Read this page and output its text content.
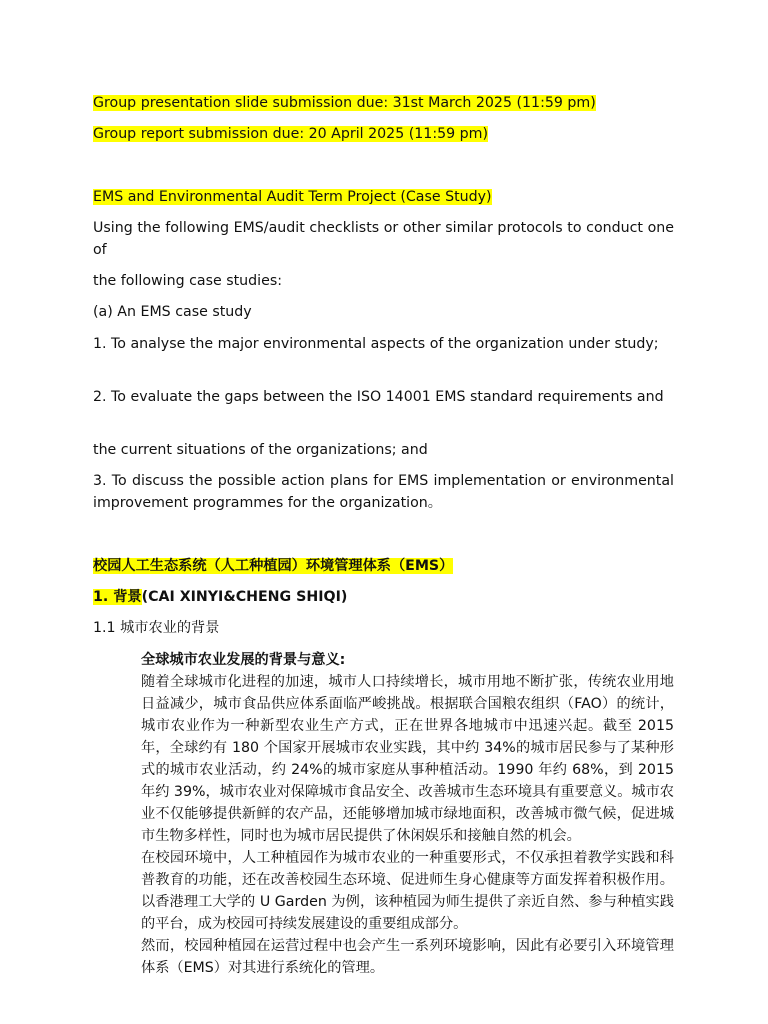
Group presentation slide submission due: 31st March 2025 (11:59 pm)

Group report submission due: 20 April 2025 (11:59 pm)

EMS and Environmental Audit Term Project (Case Study)

Using the following EMS/audit checklists or other similar protocols to conduct one of

the following case studies:

(a) An EMS case study

1. To analyse the major environmental aspects of the organization under study;

2. To evaluate the gaps between the ISO 14001 EMS standard requirements and

the current situations of the organizations; and

3. To discuss the possible action plans for EMS implementation or environmental improvement programmes for the organization。

校园人工生态系统（人工种植园）环境管理体系（EMS）

1. 背景(CAI XINYI&CHENG SHIQI)

1.1 城市农业的背景

全球城市农业发展的背景与意义:

随着全球城市化进程的加速，城市人口持续增长，城市用地不断扩张，传统农业用地日益减少，城市食品供应体系面临严峻挑战。根据联合国粮农组织（FAO）的统计，城市农业作为一种新型农业生产方式，正在世界各地城市中迅速兴起。截至 2015 年，全球约有 180 个国家开展城市农业实践，其中约 34%的城市居民参与了某种形式的城市农业活动，约 24%的城市家庭从事种植活动。1990 年约 68%，到 2015 年约 39%，城市农业对保障城市食品安全、改善城市生态环境具有重要意义。城市农业不仅能够提供新鲜的农产品，还能够增加城市绿地面积，改善城市微气候，促进城市生物多样性，同时也为城市居民提供了休闲娱乐和接触自然的机会。

在校园环境中，人工种植园作为城市农业的一种重要形式，不仅承担着教学实践和科普教育的功能，还在改善校园生态环境、促进师生身心健康等方面发挥着积极作用。以香港理工大学的 U Garden 为例，该种植园为师生提供了亲近自然、参与种植实践的平台，成为校园可持续发展建设的重要组成部分。

然而，校园种植园在运营过程中也会产生一系列环境影响，因此有必要引入环境管理体系（EMS）对其进行系统化的管理。
